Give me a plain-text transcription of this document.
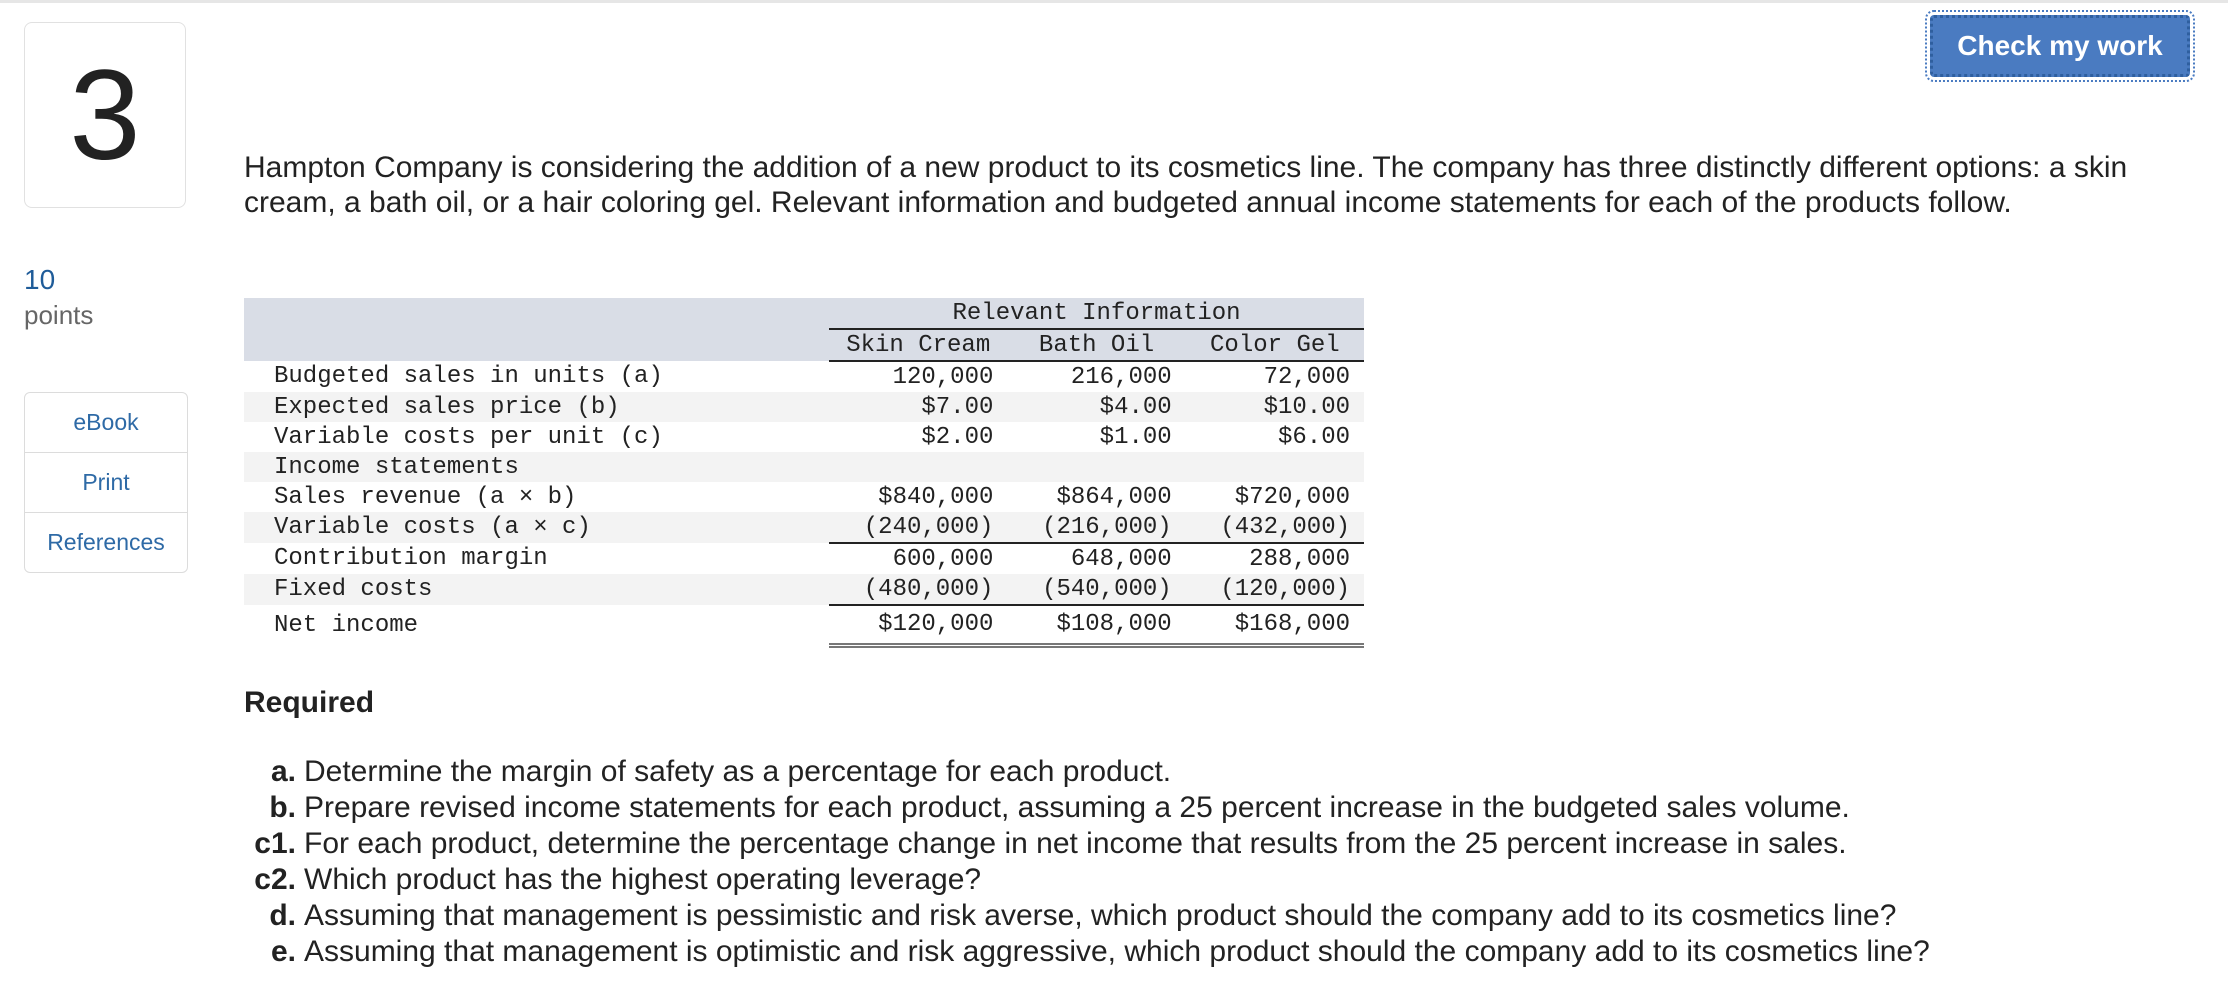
Check my work
3
10
points
eBook
Print
References
Hampton Company is considering the addition of a new product to its cosmetics line. The company has three distinctly different options: a skin cream, a bath oil, or a hair coloring gel. Relevant information and budgeted annual income statements for each of the products follow.
	Relevant Information		
	Skin Cream	Bath Oil	Color Gel
Budgeted sales in units (a)	120,000	216,000	72,000
Expected sales price (b)	$7.00	$4.00	$10.00
Variable costs per unit (c)	$2.00	$1.00	$6.00
Income statements			
Sales revenue (a × b)	$840,000	$864,000	$720,000
Variable costs (a × c)	(240,000)	(216,000)	(432,000)
Contribution margin	600,000	648,000	288,000
Fixed costs	(480,000)	(540,000)	(120,000)
Net income	$120,000	$108,000	$168,000
Required
a. Determine the margin of safety as a percentage for each product.
b. Prepare revised income statements for each product, assuming a 25 percent increase in the budgeted sales volume.
c1. For each product, determine the percentage change in net income that results from the 25 percent increase in sales.
c2. Which product has the highest operating leverage?
d. Assuming that management is pessimistic and risk averse, which product should the company add to its cosmetics line?
e. Assuming that management is optimistic and risk aggressive, which product should the company add to its cosmetics line?
